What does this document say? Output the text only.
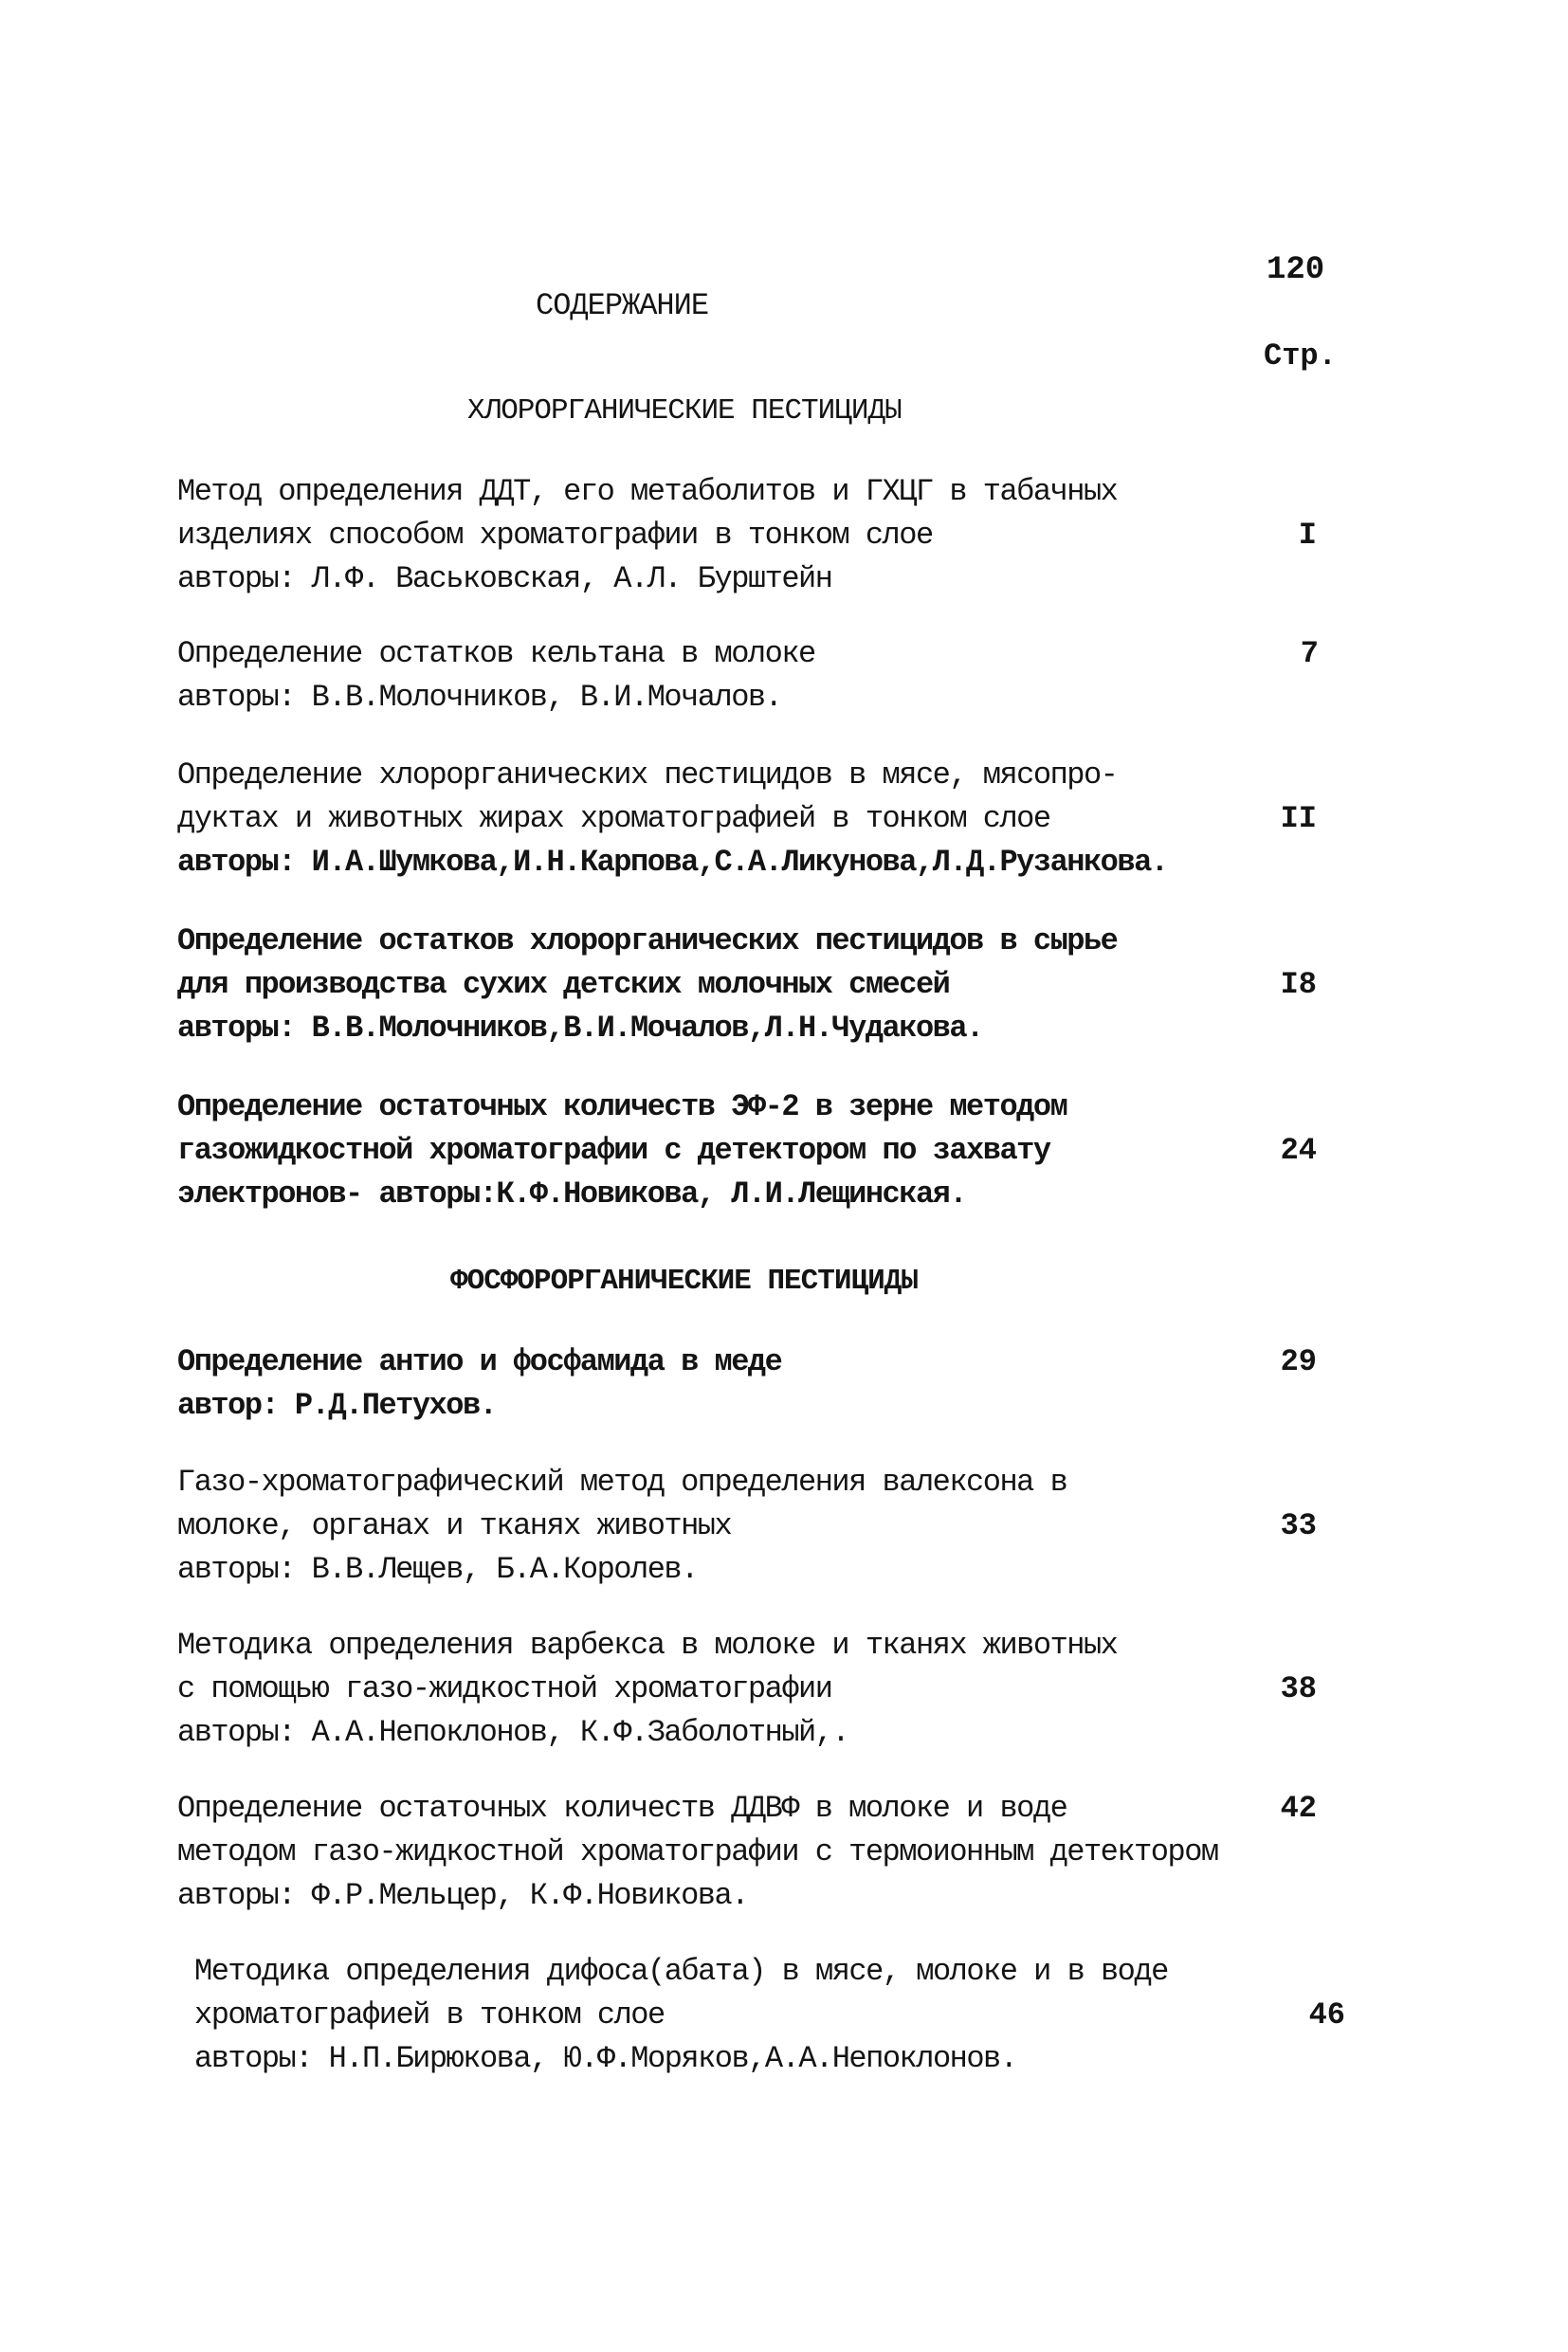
120
СОДЕРЖАНИЕ
Стр.
ХЛОРОРГАНИЧЕСКИЕ ПЕСТИЦИДЫ
Метод определения ДДТ, его метаболитов и ГХЦГ в табачных
изделиях способом хроматографии в тонком слое
авторы: Л.Ф. Васьковская, А.Л. Бурштейн
I
Определение остатков кельтана в молоке
авторы: В.В.Молочников, В.И.Мочалов.
7
Определение хлорорганических пестицидов в мясе, мясопро-
дуктах и животных жирах хроматографией в тонком слое
авторы: И.А.Шумкова,И.Н.Карпова,С.А.Ликунова,Л.Д.Рузанкова.
II
Определение остатков хлорорганических пестицидов в сырье
для производства сухих детских молочных смесей
авторы: В.В.Молочников,В.И.Мочалов,Л.Н.Чудакова.
I8
Определение остаточных количеств ЭФ-2 в зерне методом
газожидкостной хроматографии с детектором по захвату
электронов- авторы:К.Ф.Новикова, Л.И.Лещинская.
24
ФОСФОРОРГАНИЧЕСКИЕ ПЕСТИЦИДЫ
Определение антио и фосфамида в меде
автор: Р.Д.Петухов.
29
Газо-хроматографический метод определения валексона в
молоке, органах и тканях животных
авторы: В.В.Лещев, Б.А.Королев.
33
Методика определения варбекса в молоке и тканях животных
с помощью газо-жидкостной хроматографии
авторы: А.А.Непоклонов, К.Ф.Заболотный,.
38
Определение остаточных количеств ДДВФ в молоке и воде
методом газо-жидкостной хроматографии с термоионным детектором
авторы: Ф.Р.Мельцер, К.Ф.Новикова.
42
Методика определения дифоса(абата) в мясе, молоке и в воде
хроматографией в тонком слое
авторы: Н.П.Бирюкова, Ю.Ф.Моряков,А.А.Непоклонов.
46
